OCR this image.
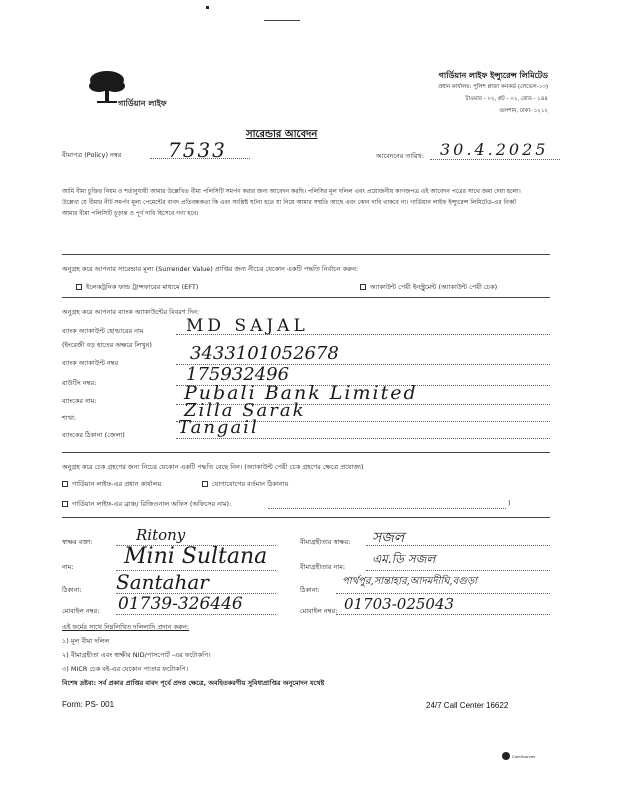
গার্ডিয়ান লাইফ
গার্ডিয়ান লাইফ ইন্স্যুরেন্স লিমিটেড
প্রধান কার্যালয়: পুলিশ প্লাজা কনকর্ড (লেভেল-১৩)
টাওয়ার - ০২, প্লট - ০২, রোড - ১৪৪
গুলশান, ঢাকা- ১২১২
সারেন্ডার আবেদন
বীমাপত্র (Policy) নম্বর 7533	আবেদনের তারিখ: 30.4.2025
আমি বীমা চুক্তির নিয়ম ও শর্তানুযায়ী আমার উল্লেখিত বীমা পলিসিটি সমর্পণ করার জন্য আবেদন করছি। পলিসির মূল দলিল এবং প্রয়োজনীয় কাগজপত্র এই আবেদন পত্রের সাথে জমা দেয়া হলো। উল্লেখ্য যে বীমার নীট সমর্পণ মূল্য পেমেন্টের বাবদ প্রতিবন্ধকতা কি এবং সংশ্লিষ্ট ঘটনা হতে যা নিয়ে আমার সম্মতি আছে এবং কোন দাবি থাকবে না। গার্ডিয়ান লাইফ ইন্স্যুরেন্স লিমিটেড-এর নিকট আমার বীমা পলিসিটি চূড়ান্ত ও পূর্ণ দাবি হিসেবে গণ্য হবে।
অনুগ্রহ করে আপনার সারেন্ডার মূল্য (Surrender Value) প্রাপ্তির জন্য নীচের যেকোন একটি পদ্ধতি নির্বাচন করুন:
ইলেকট্রনিক ফান্ড ট্রান্সফারের মাধ্যমে (EFT)	অ্যাকাউন্ট পেয়ী ইনস্ট্রুমেন্ট (অ্যাকাউন্ট পেয়ী চেক)
অনুগ্রহ করে আপনার ব্যাংক অ্যাকাউন্টের বিবরণ দিন:
ব্যাংক অ্যাকাউন্ট হোল্ডারের নাম	MD SAJAL
(ইংরেজী বড় হাতের অক্ষরে লিখুন)
ব্যাংক অ্যাকাউন্ট নম্বর	3433101052678
রাউটিং নম্বর:	175932496
ব্যাংকের নাম:	Pubali Bank Limited
শাখা:	Zilla Sarak
ব্যাংকের ঠিকানা (জেলা)	Tangail
অনুগ্রহ করে চেক গ্রহণের জন্য নিচের যেকোন একটি পদ্ধতি বেছে নিন। (অ্যাকাউন্ট পেয়ী চেক গ্রহণের ক্ষেত্রে প্রযোজ্য)
গার্ডিয়ান লাইফ-এর প্রধান কার্যালয়	যোগাযোগের বর্তমান ঠিকানায়
গার্ডিয়ান লাইফ-এর ব্রাঞ্চ/ রিজিওনাল অফিস (অফিসের নাম):	)
স্বাক্ষর বক্তা:	Ritony
নাম: Mini Sultana
ঠিকানা: Santahar
মোবাইল নম্বর: 01739-326446
বীমাগ্রহীতার স্বাক্ষর: সজল
বীমাগ্রহীতার নাম:
এম.ডি সজল
ঠিকানা:
পার্থপুর,সান্তাহার,আদমদীঘি,বগুড়া
মোবাইল নম্বর: 01703-025043
এই ফর্মের সাথে নিম্নলিখিত দলিলাদি প্রদান করুন:
১) মূল বীমা দলিল
২) বীমাগ্রহীতা এবং স্বাক্ষীর NID/পাসপোর্ট -এর ফটোকপি।
৩) MICR চেক বই-এর যেকোন পাতার ফটোকপি।
বিশেষ দ্রষ্টব্য: সর্ব প্রকার প্রাপ্তির বাবদ পূর্বে প্রদত্ত ক্ষেত্রে, অবহিতকরণীয় সুবিধাপ্রাপ্তির অনুমোদন যথেষ্ট
Form: PS- 001	24/7 Call Center 16622
CamScanner
